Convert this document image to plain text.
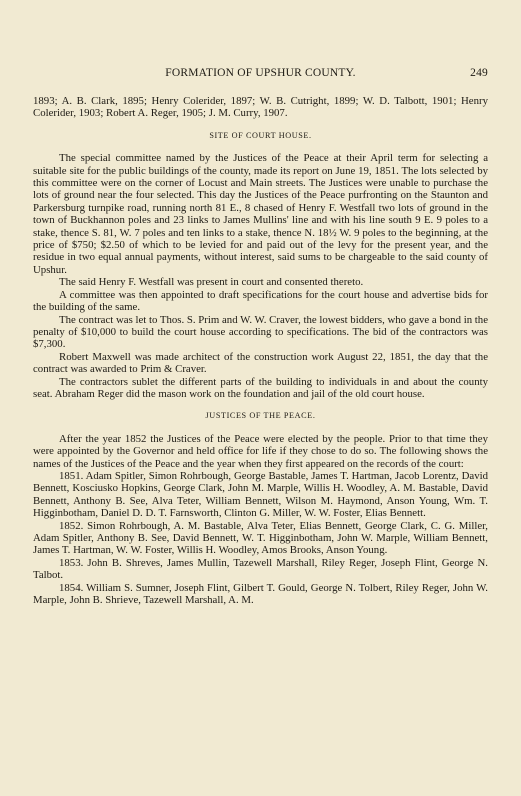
FORMATION OF UPSHUR COUNTY.	249

1893; A. B. Clark, 1895; Henry Colerider, 1897; W. B. Cutright, 1899; W. D. Talbott, 1901; Henry Colerider, 1903; Robert A. Reger, 1905; J. M. Curry, 1907.

SITE OF COURT HOUSE.

The special committee named by the Justices of the Peace at their April term for selecting a suitable site for the public buildings of the county, made its report on June 19, 1851. The lots selected by this committee were on the corner of Locust and Main streets. The Justices were unable to purchase the lots of ground near the four selected. This day the Justices of the Peace purfronting on the Staunton and Parkersburg turnpike road, running north 81 E., 8 chased of Henry F. Westfall two lots of ground in the town of Buckhannon poles and 23 links to James Mullins' line and with his line south 9 E. 9 poles to a stake, thence S. 81, W. 7 poles and ten links to a stake, thence N. 18½ W. 9 poles to the beginning, at the price of $750; $2.50 of which to be levied for and paid out of the levy for the present year, and the residue in two equal annual payments, without interest, said sums to be chargeable to the said county of Upshur.

The said Henry F. Westfall was present in court and consented thereto.

A committee was then appointed to draft specifications for the court house and advertise bids for the building of the same.

The contract was let to Thos. S. Prim and W. W. Craver, the lowest bidders, who gave a bond in the penalty of $10,000 to build the court house according to specifications. The bid of the contractors was $7,300.

Robert Maxwell was made architect of the construction work August 22, 1851, the day that the contract was awarded to Prim & Craver.

The contractors sublet the different parts of the building to individuals in and about the county seat. Abraham Reger did the mason work on the foundation and jail of the old court house.

JUSTICES OF THE PEACE.

After the year 1852 the Justices of the Peace were elected by the people. Prior to that time they were appointed by the Governor and held office for life if they chose to do so. The following shows the names of the Justices of the Peace and the year when they first appeared on the records of the court:

1851. Adam Spitler, Simon Rohrbough, George Bastable, James T. Hartman, Jacob Lorentz, David Bennett, Kosciusko Hopkins, George Clark, John M. Marple, Willis H. Woodley, A. M. Bastable, David Bennett, Anthony B. See, Alva Teter, William Bennett, Wilson M. Haymond, Anson Young, Wm. T. Higginbotham, Daniel D. D. T. Farnsworth, Clinton G. Miller, W. W. Foster, Elias Bennett.

1852. Simon Rohrbough, A. M. Bastable, Alva Teter, Elias Bennett, George Clark, C. G. Miller, Adam Spitler, Anthony B. See, David Bennett, W. T. Higginbotham, John W. Marple, William Bennett, James T. Hartman, W. W. Foster, Willis H. Woodley, Amos Brooks, Anson Young.

1853. John B. Shreves, James Mullin, Tazewell Marshall, Riley Reger, Joseph Flint, George N. Talbot.

1854. William S. Sumner, Joseph Flint, Gilbert T. Gould, George N. Tolbert, Riley Reger, John W. Marple, John B. Shrieve, Tazewell Marshall, A. M.
